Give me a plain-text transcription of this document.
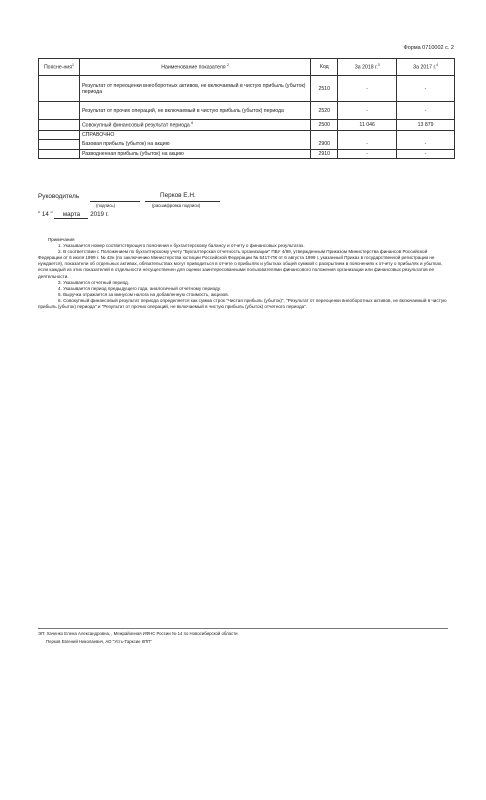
Форма 0710002 с. 2
Поясне-ния$^1$	Наименование показателя $^2$	Код	За 2018 г.$^3$	За 2017 г.$^4$
	Результат от переоценки внеоборотных активов, не включаемый в чистую прибыль (убыток) периода	2510	-	-
	Результат от прочих операций, не включаемый в чистую прибыль (убыток) периода	2520	-	-
	Совокупный финансовый результат периода $^6$	2500	11 046	13 879
	СПРАВОЧНО			
	Базовая прибыль (убыток) на акцию	2900	-	-
	Разводненная прибыль (убыток) на акцию	2910	-	-
Руководитель	Перков Е.Н.
(подпись)	(расшифровка подписи)
" 14 " марта 2019 г.

Примечания

1. Указывается номер соответствующего пояснения к бухгалтерскому балансу и отчету о финансовых результатах.

2. В соответствии с Положением по бухгалтерскому учету "Бухгалтерская отчетность организации" ПБУ 4/99, утвержденным Приказом Министерства финансов Российской Федерации от 6 июля 1999 г. № 43н (по заключению Министерства юстиции Российской Федерации № 6417-ПК от 6 августа 1999 г. указанный Приказ в государственной регистрации не нуждается), показатели об отдельных активах, обязательствах могут приводиться в отчете о прибылях и убытках общей суммой с раскрытием в пояснениях к отчету о прибылях и убытках, если каждый из этих показателей в отдельности несущественен для оценки заинтересованными пользователями финансового положения организации или финансовых результатов ее деятельности.

3. Указывается отчетный период.

4. Указывается период предыдущего года, аналогичный отчетному периоду.

5. Выручка отражается за минусом налога на добавленную стоимость, акцизов.

6. Совокупный финансовый результат периода определяется как сумма строк "Чистая прибыль (убыток)", "Результат от переоценки внеоборотных активов, не включаемый в чистую прибыль (убыток) периода" и "Результат от прочих операций, не включаемый в чистую прибыль (убыток) отчетного периода".

ЭП: Хаченко Елена Александровна, , Межрайонная ИФНС России № 14 по Новосибирской области
Перков Евгений Николаевич, АО "Усть-Тарксие КПП"
